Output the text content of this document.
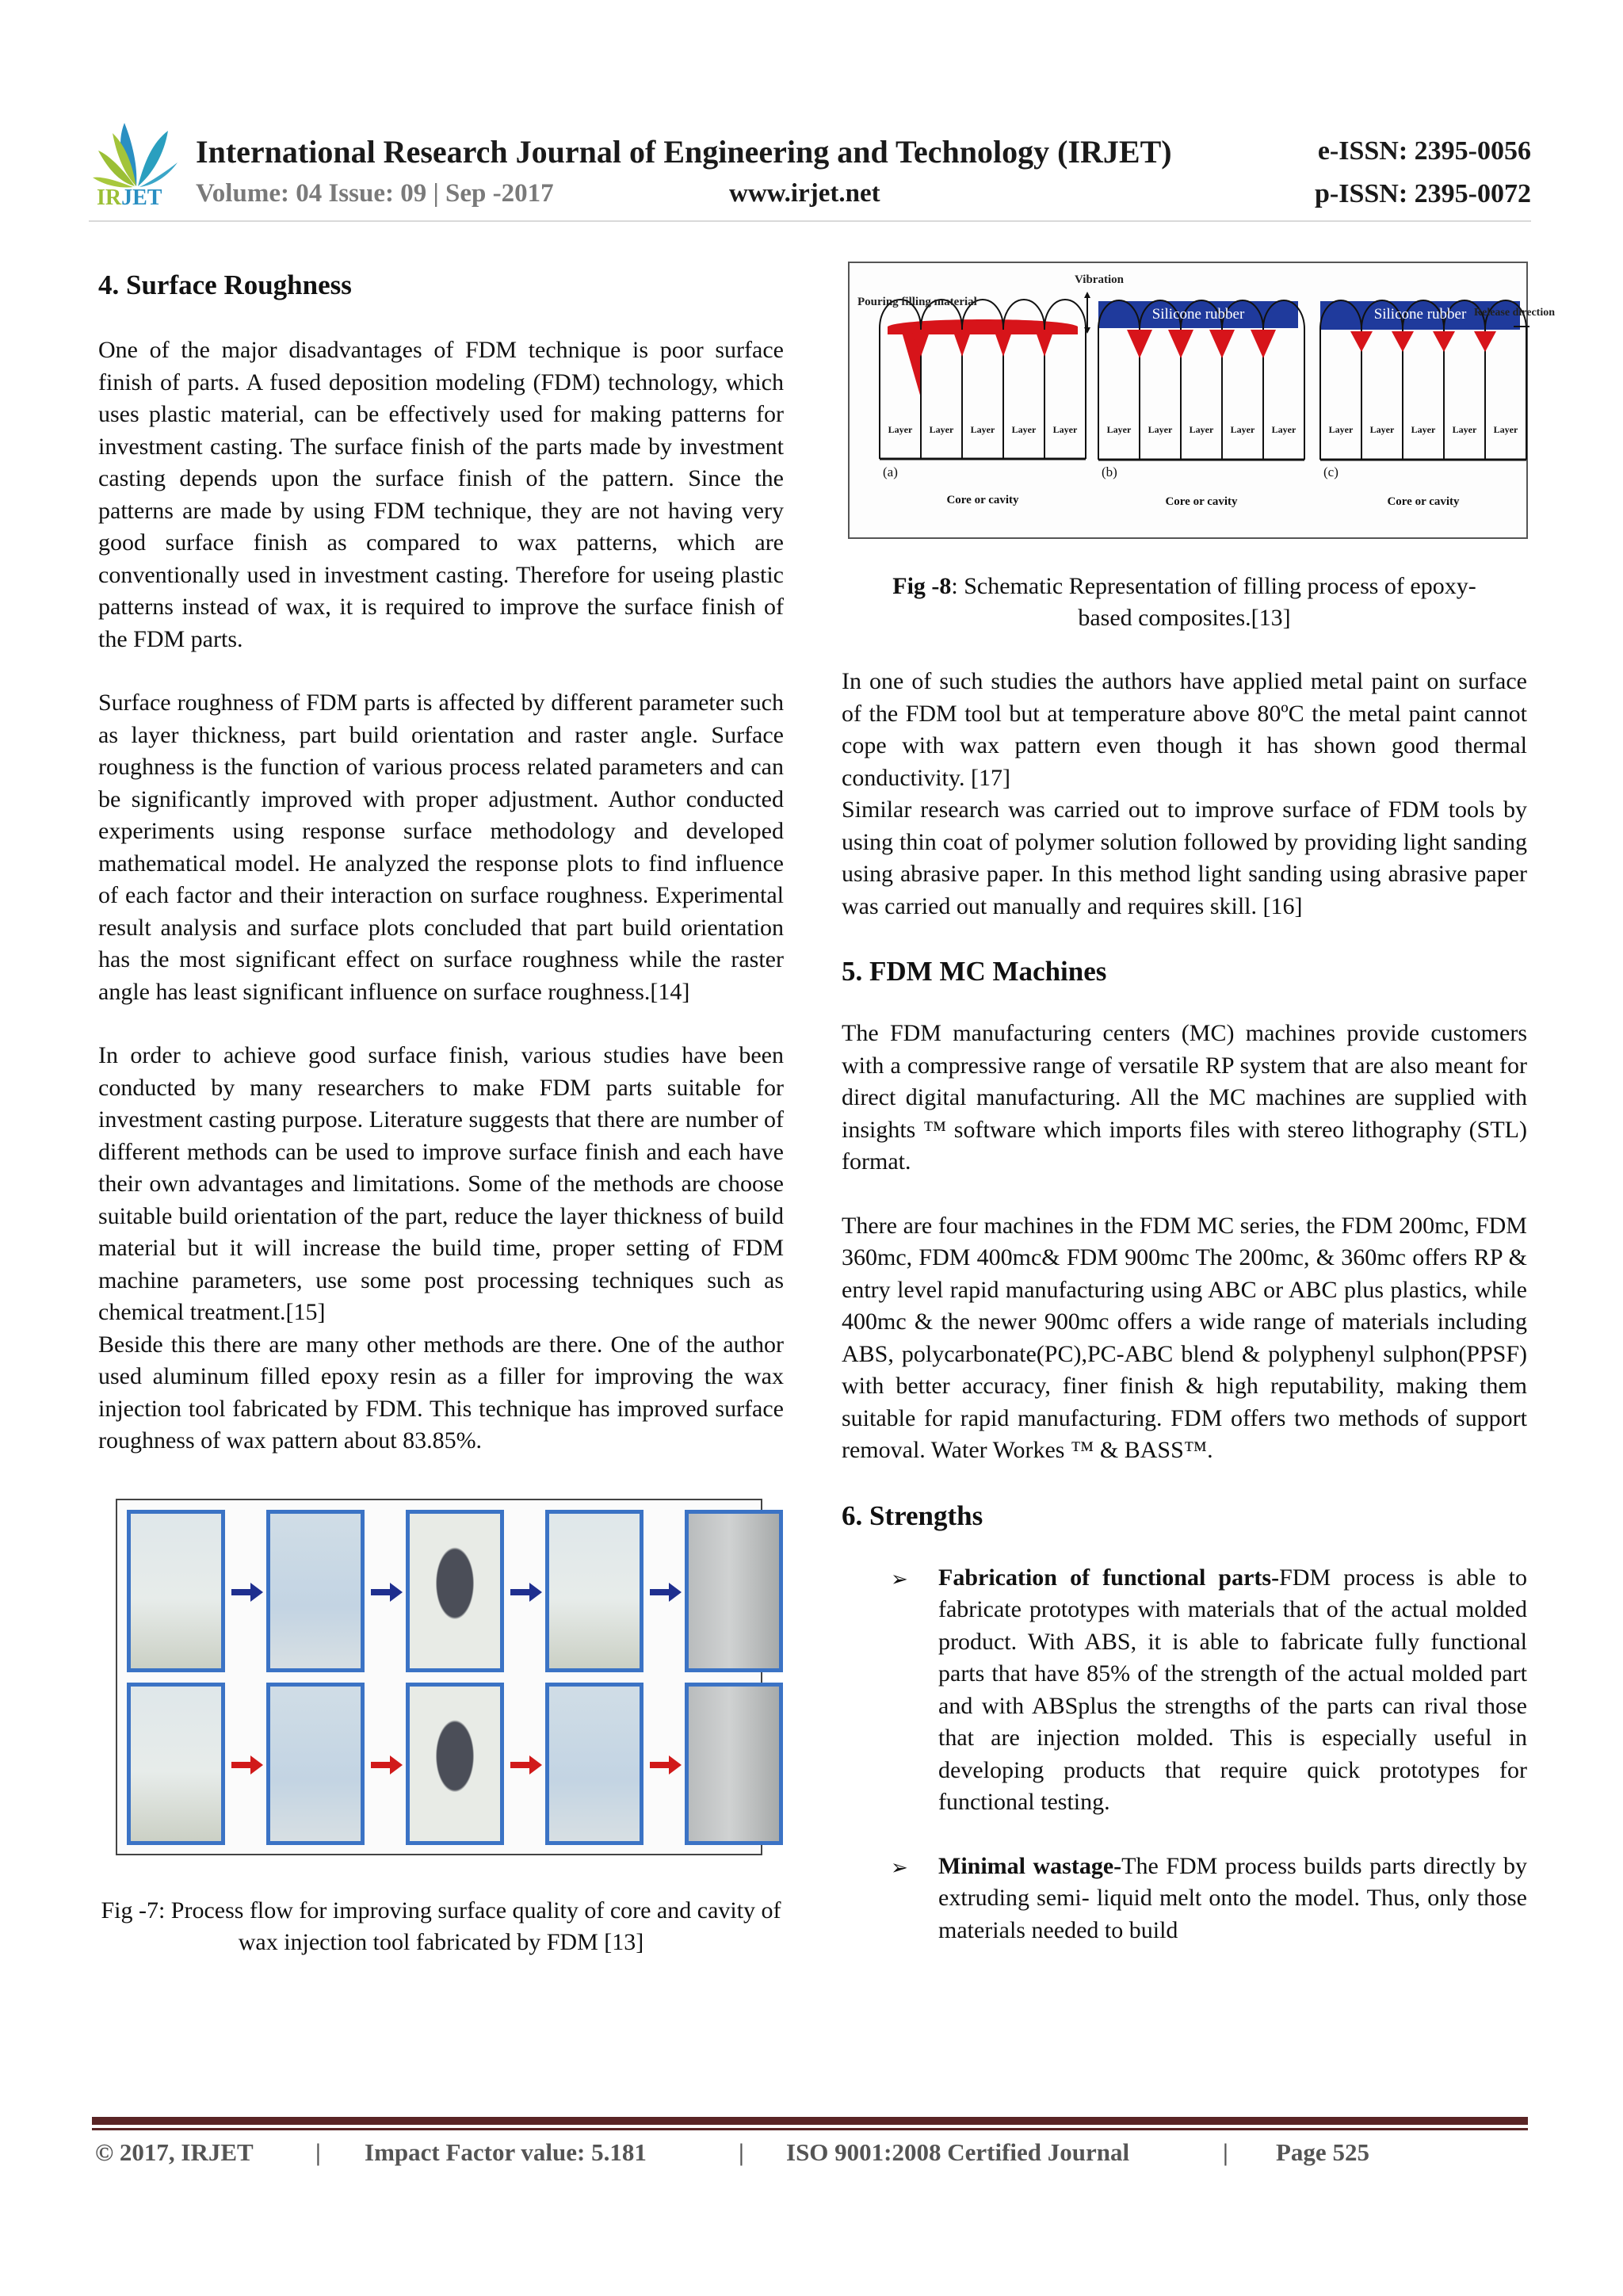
IRJET
International Research Journal of Engineering and Technology (IRJET)	e-ISSN: 2395-0056
Volume: 04 Issue: 09 | Sep -2017	www.irjet.net	p-ISSN: 2395-0072
4. Surface Roughness

One of the major disadvantages of FDM technique is poor surface finish of parts. A fused deposition modeling (FDM) technology, which uses plastic material, can be effectively used for making patterns for investment casting. The surface finish of the parts made by investment casting depends upon the surface finish of the pattern. Since the patterns are made by using FDM technique, they are not having very good surface finish as compared to wax patterns, which are conventionally used in investment casting. Therefore for useing plastic patterns instead of wax, it is required to improve the surface finish of the FDM parts.

Surface roughness of FDM parts is affected by different parameter such as layer thickness, part build orientation and raster angle. Surface roughness is the function of various process related parameters and can be significantly improved with proper adjustment. Author conducted experiments using response surface methodology and developed mathematical model. He analyzed the response plots to find influence of each factor and their interaction on surface roughness. Experimental result analysis and surface plots concluded that part build orientation has the most significant effect on surface roughness while the raster angle has least significant influence on surface roughness.[14]

In order to achieve good surface finish, various studies have been conducted by many researchers to make FDM parts suitable for investment casting purpose. Literature suggests that there are number of different methods can be used to improve surface finish and each have their own advantages and limitations. Some of the methods are choose suitable build orientation of the part, reduce the layer thickness of build material but it will increase the build time, proper setting of FDM machine parameters, use some post processing techniques such as chemical treatment.[15]

Beside this there are many other methods are there. One of the author used aluminum filled epoxy resin as a filler for improving the wax injection tool fabricated by FDM. This technique has improved surface roughness of wax pattern about 83.85%.

Fig -7: Process flow for improving surface quality of core and cavity of wax injection tool fabricated by FDM [13]

Pouring filling material
Vibration
Silicone rubber	Silicone rubber Release direction
(a)	(b)	(c)
Core or cavity	Core or cavity	Core or cavity
Layer	Layer	Layer	Layer	Layer	Layer	Layer	Layer	Layer	Layer	Layer	Layer	Layer	Layer	Layer

Fig -8: Schematic Representation of filling process of epoxy-based composites.[13]

In one of such studies the authors have applied metal paint on surface of the FDM tool but at temperature above 80ºC the metal paint cannot cope with wax pattern even though it has shown good thermal conductivity. [17]

Similar research was carried out to improve surface of FDM tools by using thin coat of polymer solution followed by providing light sanding using abrasive paper. In this method light sanding using abrasive paper was carried out manually and requires skill. [16]

5. FDM MC Machines

The FDM manufacturing centers (MC) machines provide customers with a compressive range of versatile RP system that are also meant for direct digital manufacturing. All the MC machines are supplied with insights ™ software which imports files with stereo lithography (STL) format.

There are four machines in the FDM MC series, the FDM 200mc, FDM 360mc, FDM 400mc& FDM 900mc The 200mc, & 360mc offers RP & entry level rapid manufacturing using ABC or ABC plus plastics, while 400mc & the newer 900mc offers a wide range of materials including ABS, polycarbonate(PC),PC-ABC blend & polyphenyl sulphon(PPSF) with better accuracy, finer finish & high reputability, making them suitable for rapid manufacturing. FDM offers two methods of support removal. Water Workes ™ & BASS™.

6. Strengths
➢ Fabrication of functional parts-FDM process is able to fabricate prototypes with materials that of the actual molded product. With ABS, it is able to fabricate fully functional parts that have 85% of the strength of the actual molded part and with ABSplus the strengths of the parts can rival those that are injection molded. This is especially useful in developing products that require quick prototypes for functional testing.
➢ Minimal wastage-The FDM process builds parts directly by extruding semi- liquid melt onto the model. Thus, only those materials needed to build
© 2017, IRJET	| Impact Factor value: 5.181	| ISO 9001:2008 Certified Journal	| Page 525
